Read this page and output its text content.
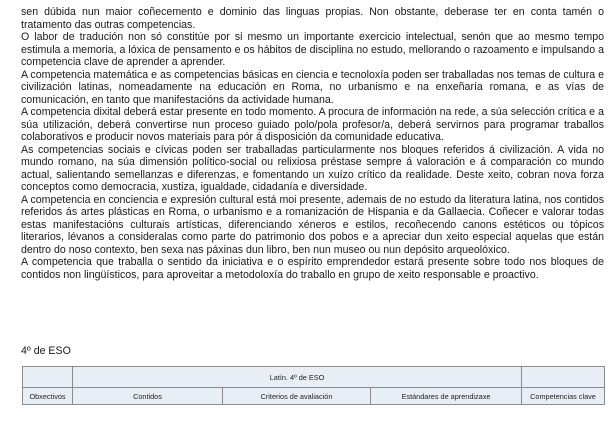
sen dúbida nun maior coñecemento e dominio das linguas propias. Non obstante, deberase ter en conta tamén o tratamento das outras competencias.

O labor de tradución non só constitúe por si mesmo un importante exercicio intelectual, senón que ao mesmo tempo estimula a memoria, a lóxica de pensamento e os hábitos de disciplina no estudo, mellorando o razoamento e impulsando a competencia clave de aprender a aprender.

A competencia matemática e as competencias básicas en ciencia e tecnoloxía poden ser traballadas nos temas de cultura e civilización latinas, nomeadamente na educación en Roma, no urbanismo e na enxeñaría romana, e as vías de comunicación, en tanto que manifestacións da actividade humana.

A competencia dixital deberá estar presente en todo momento. A procura de información na rede, a súa selección crítica e a súa utilización, deberá convertirse nun proceso guiado polo/pola profesor/a, deberá servirnos para programar traballos colaborativos e producir novos materiais para pór á disposición da comunidade educativa.

As competencias sociais e cívicas poden ser traballadas particularmente nos bloques referidos á civilización. A vida no mundo romano, na súa dimensión político-social ou relixiosa préstase sempre á valoración e á comparación co mundo actual, salientando semellanzas e diferenzas, e fomentando un xuízo crítico da realidade. Deste xeito, cobran nova forza conceptos como democracia, xustiza, igualdade, cidadanía e diversidade.

A competencia en conciencia e expresión cultural está moi presente, ademais de no estudo da literatura latina, nos contidos referidos ás artes plásticas en Roma, o urbanismo e a romanización de Hispania e da Gallaecia. Coñecer e valorar todas estas manifestacións culturais artísticas, diferenciando xéneros e estilos, recoñecendo canons estéticos ou tópicos literarios, lévanos a consideralas como parte do patrimonio dos pobos e a apreciar dun xeito especial aquelas que están dentro do noso contexto, ben sexa nas páxinas dun libro, ben nun museo ou nun depósito arqueolóxico.

A competencia que traballa o sentido da iniciativa e o espírito emprendedor estará presente sobre todo nos bloques de contidos non lingüísticos, para aproveitar a metodoloxía do traballo en grupo de xeito responsable e proactivo.

4º de ESO

	Latín. 4º de ESO			
Obxectivos	Contidos	Criterios de avaliación	Estándares de aprendizaxe	Competencias clave
